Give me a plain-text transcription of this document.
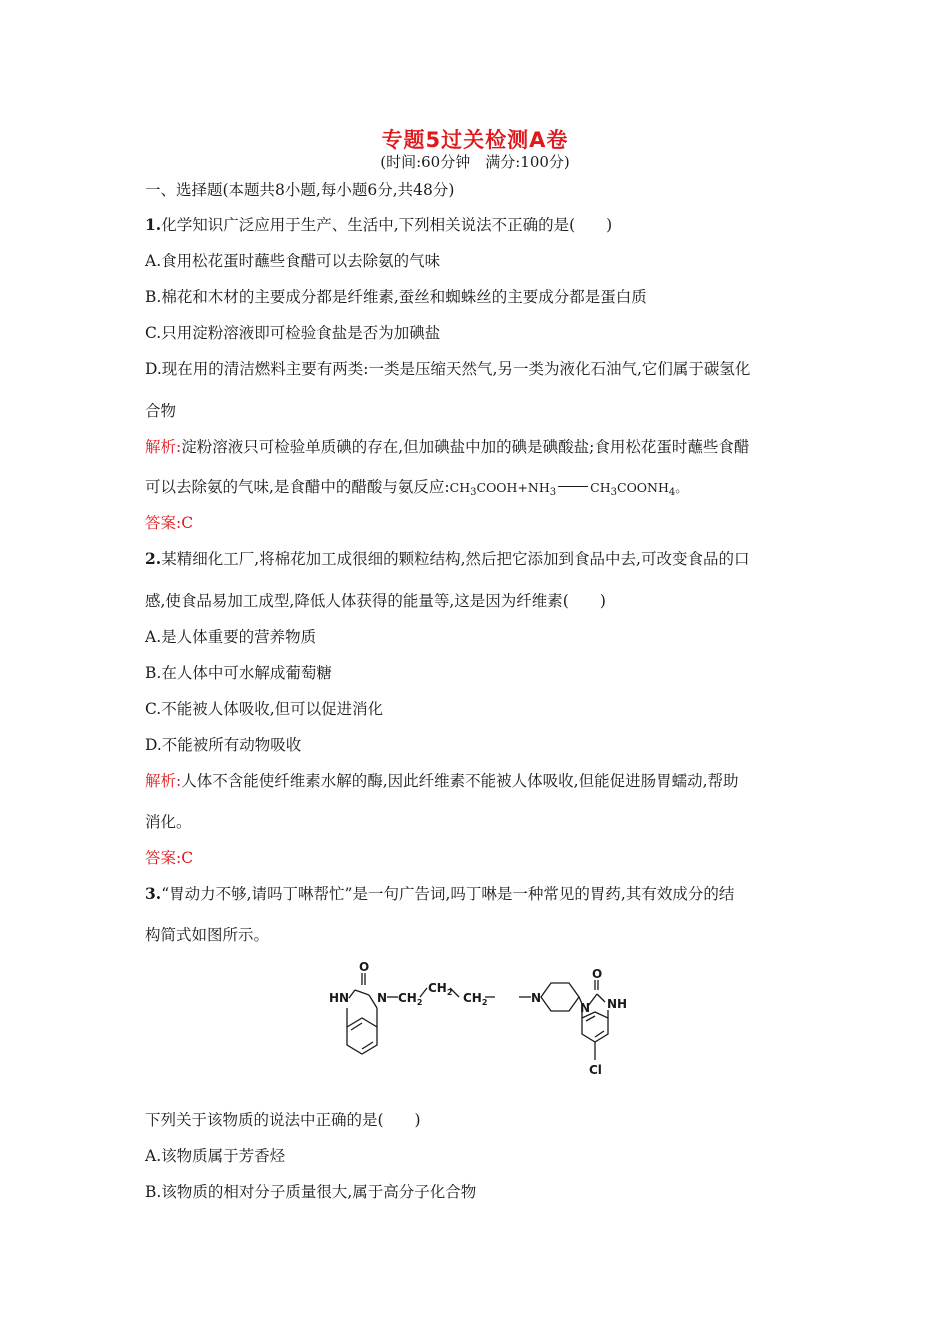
专题5过关检测A卷
(时间:60分钟　满分:100分)
一、选择题(本题共8小题,每小题6分,共48分)
1.化学知识广泛应用于生产、生活中,下列相关说法不正确的是(　　)
A.食用松花蛋时蘸些食醋可以去除氨的气味
B.棉花和木材的主要成分都是纤维素,蚕丝和蜘蛛丝的主要成分都是蛋白质
C.只用淀粉溶液即可检验食盐是否为加碘盐
D.现在用的清洁燃料主要有两类:一类是压缩天然气,另一类为液化石油气,它们属于碳氢化
合物
解析:淀粉溶液只可检验单质碘的存在,但加碘盐中加的碘是碘酸盐;食用松花蛋时蘸些食醋
可以去除氨的气味,是食醋中的醋酸与氨反应$:CH_3COOH+NH_3$	$CH_3COONH_4$。
答案:C
2.某精细化工厂,将棉花加工成很细的颗粒结构,然后把它添加到食品中去,可改变食品的口
感,使食品易加工成型,降低人体获得的能量等,这是因为纤维素(　　)
A.是人体重要的营养物质
B.在人体中可水解成葡萄糖
C.不能被人体吸收,但可以促进消化
D.不能被所有动物吸收
解析:人体不含能使纤维素水解的酶,因此纤维素不能被人体吸收,但能促进肠胃蠕动,帮助
消化。
答案:C
3.“胃动力不够,请吗丁啉帮忙”是一句广告词,吗丁啉是一种常见的胃药,其有效成分的结
构简式如图所示。
O
HN N $CH_2$
$CH_2$ $CH_2$	N
N NH
O
Cl
下列关于该物质的说法中正确的是(　　)
A.该物质属于芳香烃
B.该物质的相对分子质量很大,属于高分子化合物
